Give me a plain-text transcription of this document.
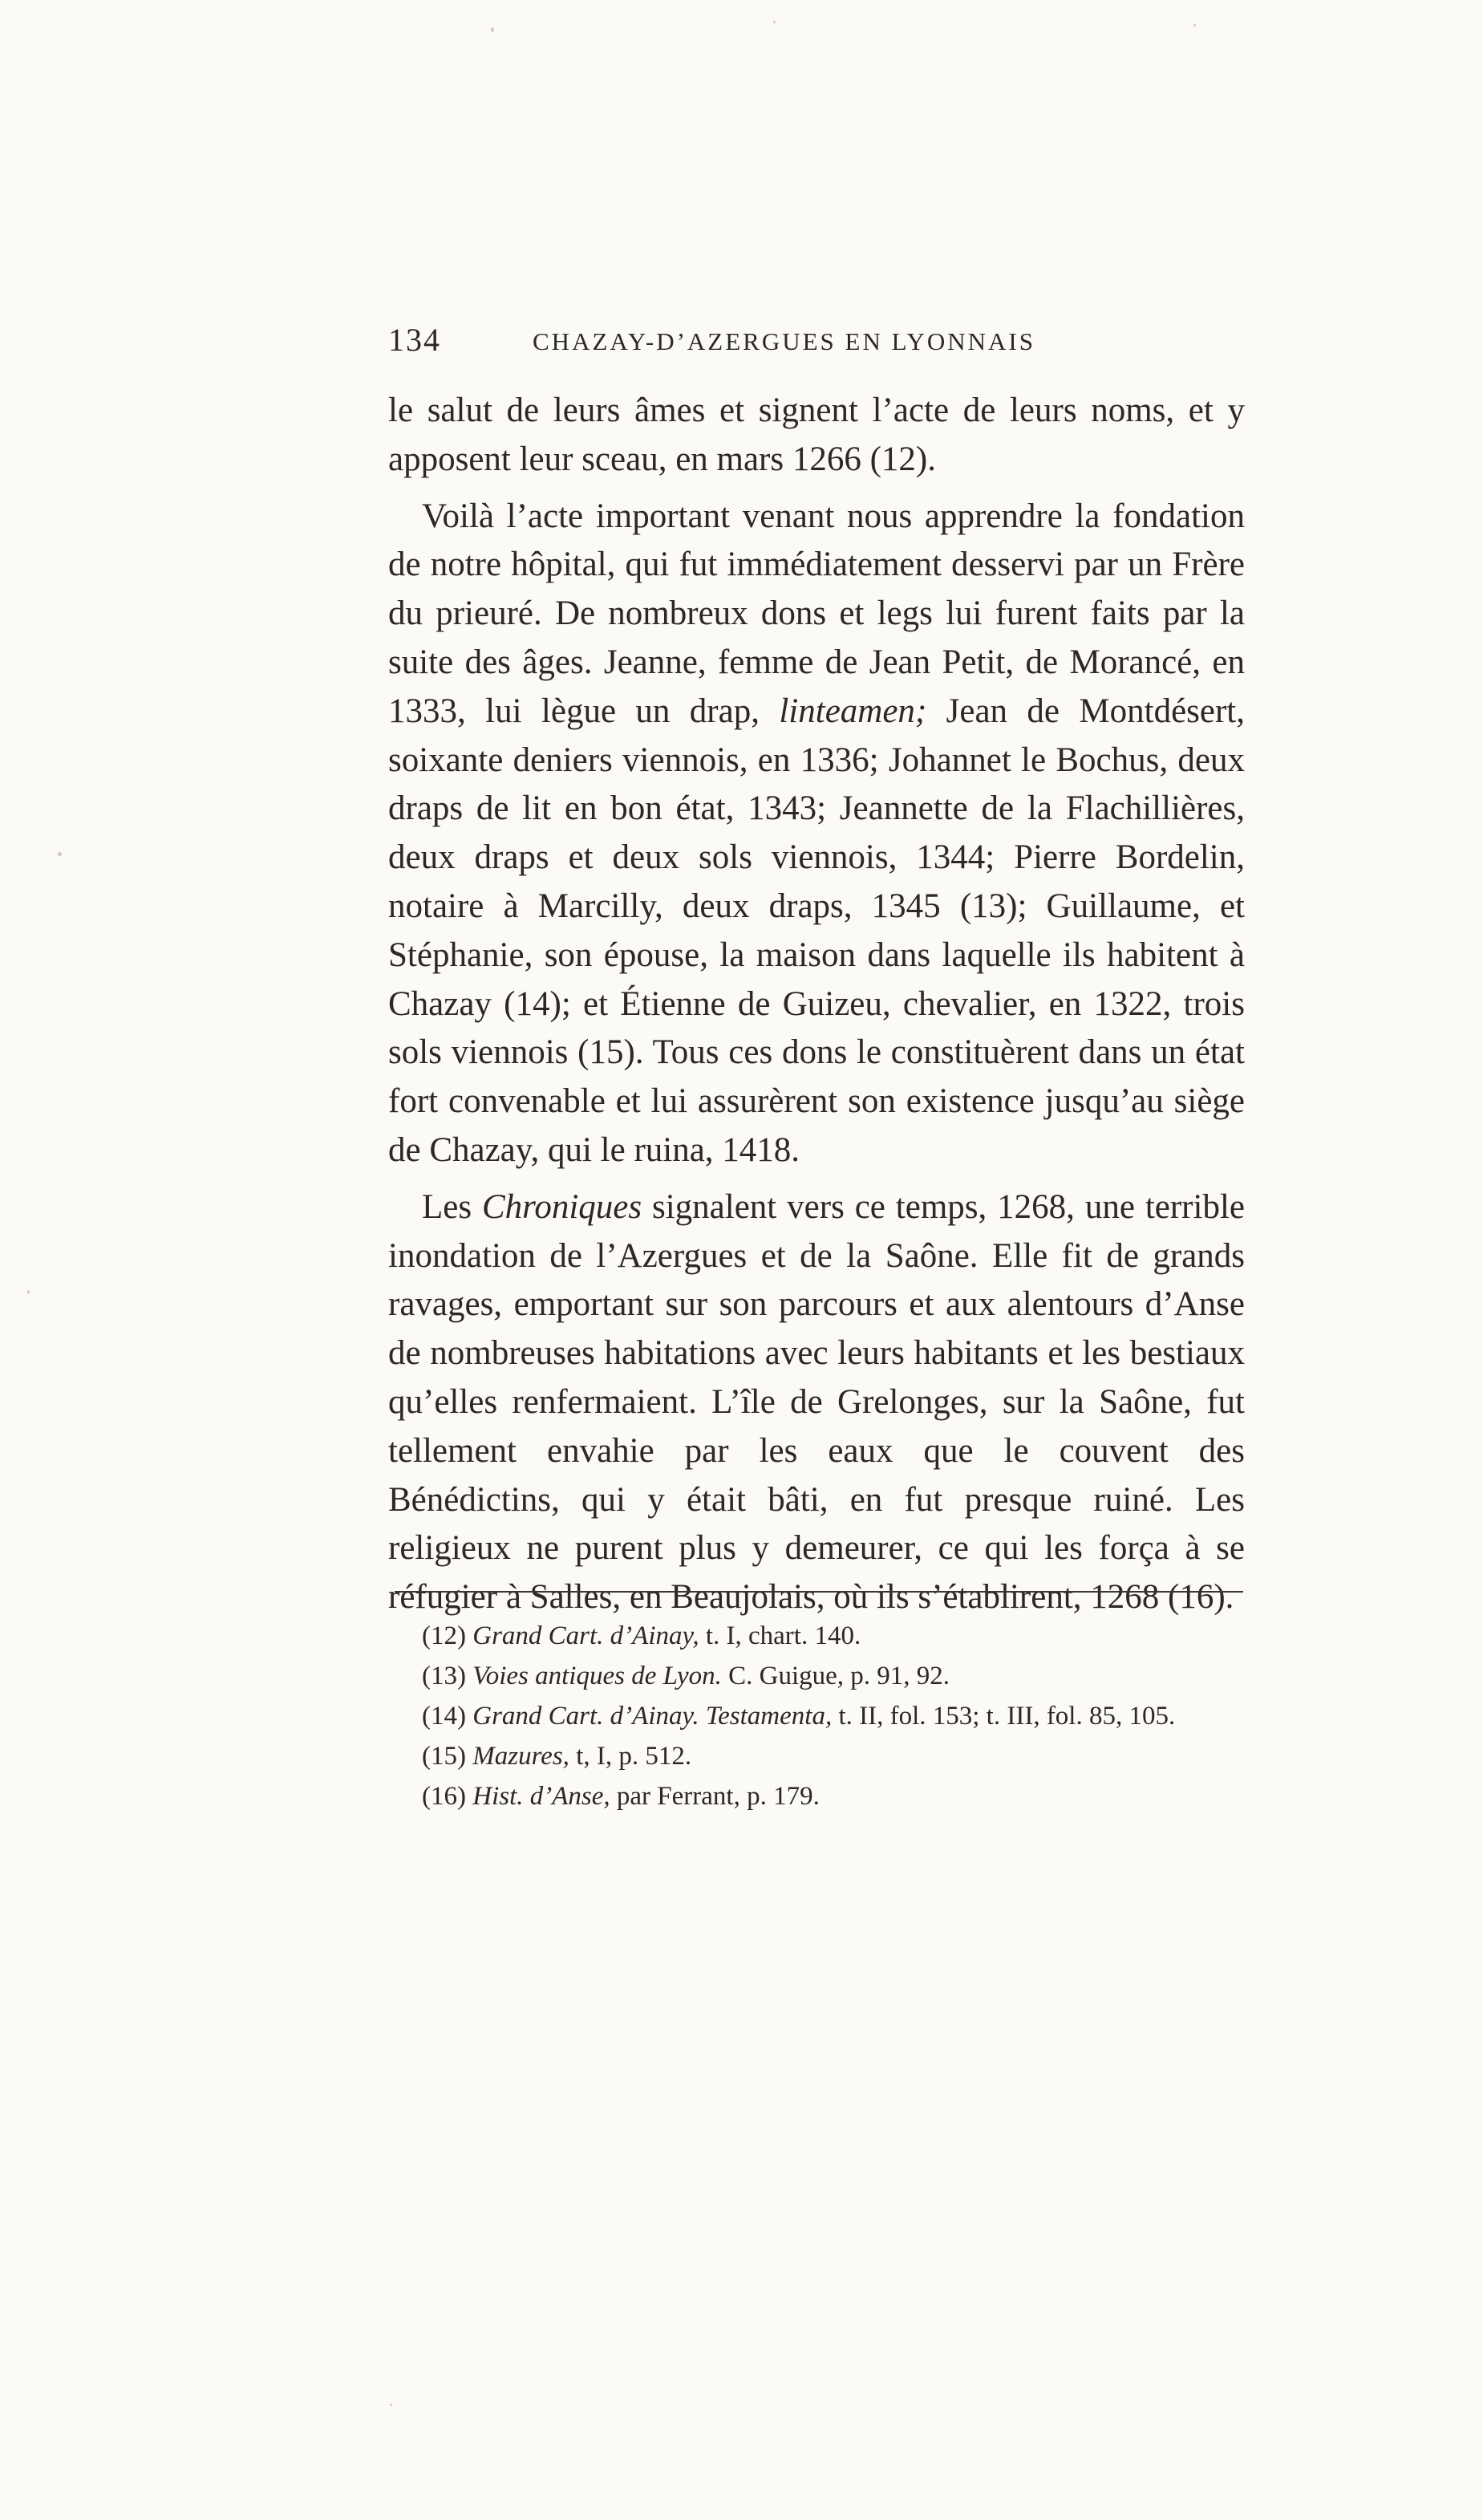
134	CHAZAY-D’AZERGUES EN LYONNAIS

le salut de leurs âmes et signent l’acte de leurs noms, et y apposent leur sceau, en mars 1266 (12).

Voilà l’acte important venant nous apprendre la fondation de notre hôpital, qui fut immédiatement desservi par un Frère du prieuré. De nombreux dons et legs lui furent faits par la suite des âges. Jeanne, femme de Jean Petit, de Morancé, en 1333, lui lègue un drap, linteamen; Jean de Montdésert, soixante deniers viennois, en 1336; Johannet le Bochus, deux draps de lit en bon état, 1343; Jeannette de la Flachillières, deux draps et deux sols viennois, 1344; Pierre Bordelin, notaire à Marcilly, deux draps, 1345 (13); Guillaume, et Stéphanie, son épouse, la maison dans laquelle ils habitent à Chazay (14); et Étienne de Guizeu, chevalier, en 1322, trois sols viennois (15). Tous ces dons le constituèrent dans un état fort convenable et lui assurèrent son existence jusqu’au siège de Chazay, qui le ruina, 1418.

Les Chroniques signalent vers ce temps, 1268, une terrible inondation de l’Azergues et de la Saône. Elle fit de grands ravages, emportant sur son parcours et aux alentours d’Anse de nombreuses habitations avec leurs habitants et les bestiaux qu’elles renfermaient. L’île de Grelonges, sur la Saône, fut tellement envahie par les eaux que le couvent des Bénédictins, qui y était bâti, en fut presque ruiné. Les religieux ne purent plus y demeurer, ce qui les força à se réfugier à Salles, en Beaujolais, où ils s’établirent, 1268 (16).

(12) Grand Cart. d’Ainay, t. I, chart. 140.

(13) Voies antiques de Lyon. C. Guigue, p. 91, 92.

(14) Grand Cart. d’Ainay. Testamenta, t. II, fol. 153; t. III, fol. 85, 105.

(15) Mazures, t, I, p. 512.

(16) Hist. d’Anse, par Ferrant, p. 179.
